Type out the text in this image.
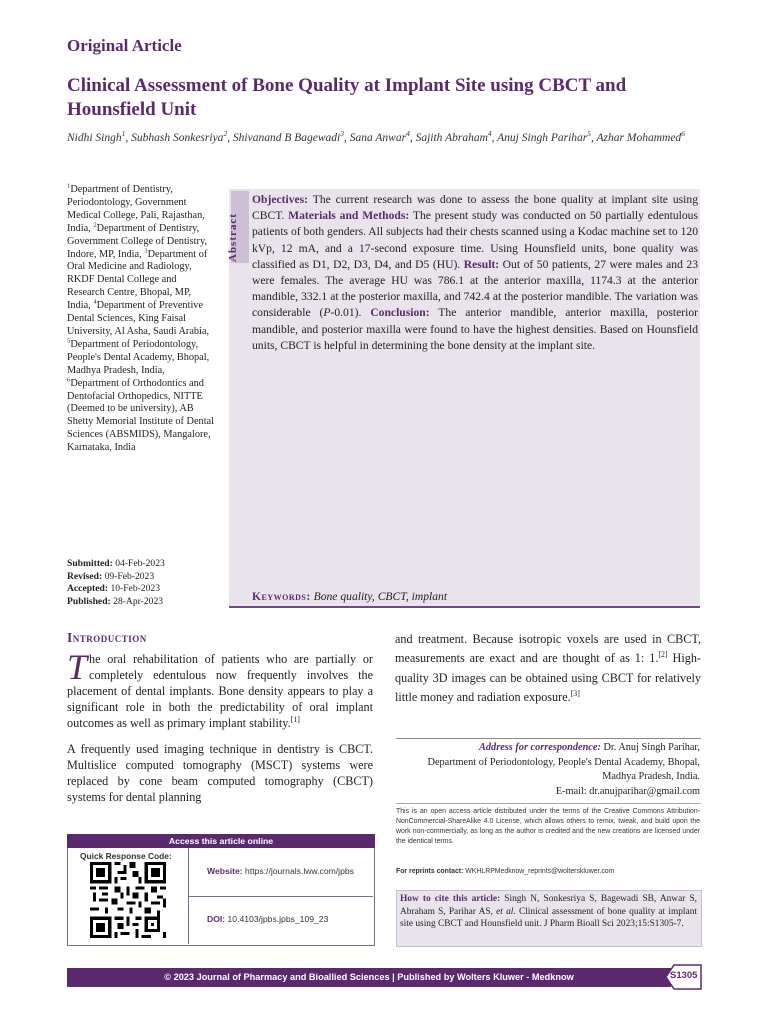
Original Article
Clinical Assessment of Bone Quality at Implant Site using CBCT and Hounsfield Unit
Nidhi Singh$^1$, Subhash Sonkesriya$^2$, Shivanand B Bagewadi$^3$, Sana Anwar$^4$, Sajith Abraham$^4$, Anuj Singh Parihar$^5$, Azhar Mohammed$^6$
$^1$Department of Dentistry, Periodontology, Government Medical College, Pali, Rajasthan, India, $^2$Department of Dentistry, Government College of Dentistry, Indore, MP, India, $^3$Department of Oral Medicine and Radiology, RKDF Dental College and Research Centre, Bhopal, MP, India, $^4$Department of Preventive Dental Sciences, King Faisal University, Al Asha, Saudi Arabia, $^5$Department of Periodontology, People's Dental Academy, Bhopal, Madhya Pradesh, India, $^6$Department of Orthodontics and Dentofacial Orthopedics, NITTE (Deemed to be university), AB Shetty Memorial Institute of Dental Sciences (ABSMIDS), Mangalore, Karnataka, India
Submitted: 04-Feb-2023
Revised: 09-Feb-2023
Accepted: 10-Feb-2023
Published: 28-Apr-2023
Abstract
Objectives: The current research was done to assess the bone quality at implant site using CBCT. Materials and Methods: The present study was conducted on 50 partially edentulous patients of both genders. All subjects had their chests scanned using a Kodac machine set to 120 kVp, 12 mA, and a 17-second exposure time. Using Hounsfield units, bone quality was classified as D1, D2, D3, D4, and D5 (HU). Result: Out of 50 patients, 27 were males and 23 were females. The average HU was 786.1 at the anterior maxilla, 1174.3 at the anterior mandible, 332.1 at the posterior maxilla, and 742.4 at the posterior mandible. The variation was considerable (P-0.01). Conclusion: The anterior mandible, anterior maxilla, posterior mandible, and posterior maxilla were found to have the highest densities. Based on Hounsfield units, CBCT is helpful in determining the bone density at the implant site.
Keywords: Bone quality, CBCT, implant
Introduction
The oral rehabilitation of patients who are partially or completely edentulous now frequently involves the placement of dental implants. Bone density appears to play a significant role in both the predictability of oral implant outcomes as well as primary implant stability.[1]
A frequently used imaging technique in dentistry is CBCT. Multislice computed tomography (MSCT) systems were replaced by cone beam computed tomography (CBCT) systems for dental planning
and treatment. Because isotropic voxels are used in CBCT, measurements are exact and are thought of as 1: 1.[2] High-quality 3D images can be obtained using CBCT for relatively little money and radiation exposure.[3]
Access this article online
Quick Response Code:
Website: https://journals.lww.com/jpbs
DOI: 10.4103/jpbs.jpbs_109_23
Address for correspondence: Dr. Anuj Singh Parihar,
Department of Periodontology, People's Dental Academy, Bhopal,
Madhya Pradesh, India.
E-mail: dr.anujparihar@gmail.com
This is an open access article distributed under the terms of the Creative Commons Attribution-NonCommercial-ShareAlike 4.0 License, which allows others to remix, tweak, and build upon the work non-commercially, as long as the author is credited and the new creations are licensed under the identical terms.
For reprints contact: WKHLRPMedknow_reprints@wolterskluwer.com
How to cite this article: Singh N, Sonkesriya S, Bagewadi SB, Anwar S, Abraham S, Parihar AS, et al. Clinical assessment of bone quality at implant site using CBCT and Hounsfield unit. J Pharm Bioall Sci 2023;15:S1305-7.
© 2023 Journal of Pharmacy and Bioallied Sciences | Published by Wolters Kluwer - Medknow	S1305
